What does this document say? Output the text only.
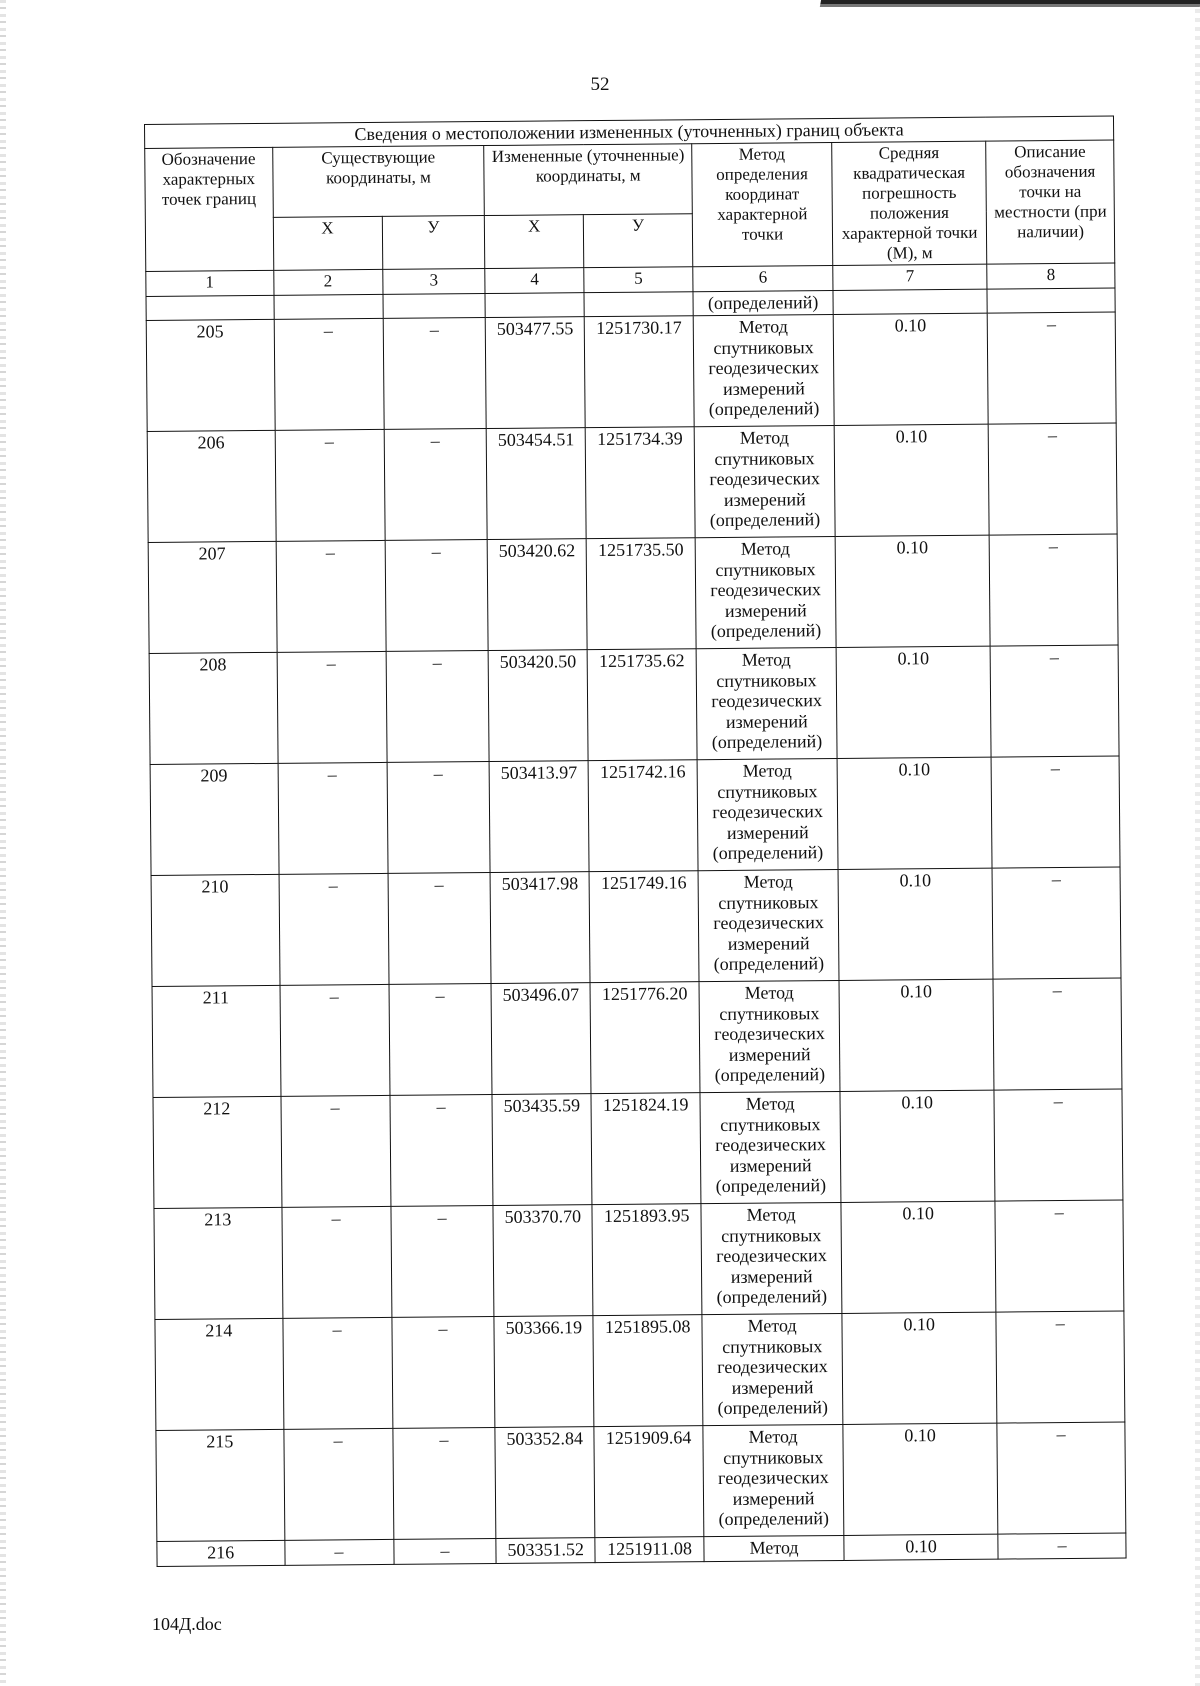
52
Сведения о местоположении измененных (уточненных) границ объекта							
Обозначение характерных точек границ	Существующие координаты, м		Измененные (уточненные) координаты, м		Метод определения координат характерной точки	Средняя квадратическая погрешность положения характерной точки (М), м	Описание обозначения точки на местности (при наличии)
	Х	У	Х	У			
1	2	3	4	5	6	7	8
					(определений)		
205	–	–	503477.55	1251730.17	Метод спутниковых геодезических измерений (определений)	0.10	–
206	–	–	503454.51	1251734.39	Метод спутниковых геодезических измерений (определений)	0.10	–
207	–	–	503420.62	1251735.50	Метод спутниковых геодезических измерений (определений)	0.10	–
208	–	–	503420.50	1251735.62	Метод спутниковых геодезических измерений (определений)	0.10	–
209	–	–	503413.97	1251742.16	Метод спутниковых геодезических измерений (определений)	0.10	–
210	–	–	503417.98	1251749.16	Метод спутниковых геодезических измерений (определений)	0.10	–
211	–	–	503496.07	1251776.20	Метод спутниковых геодезических измерений (определений)	0.10	–
212	–	–	503435.59	1251824.19	Метод спутниковых геодезических измерений (определений)	0.10	–
213	–	–	503370.70	1251893.95	Метод спутниковых геодезических измерений (определений)	0.10	–
214	–	–	503366.19	1251895.08	Метод спутниковых геодезических измерений (определений)	0.10	–
215	–	–	503352.84	1251909.64	Метод спутниковых геодезических измерений (определений)	0.10	–
216	–	–	503351.52	1251911.08	Метод	0.10	–
104Д.doc
